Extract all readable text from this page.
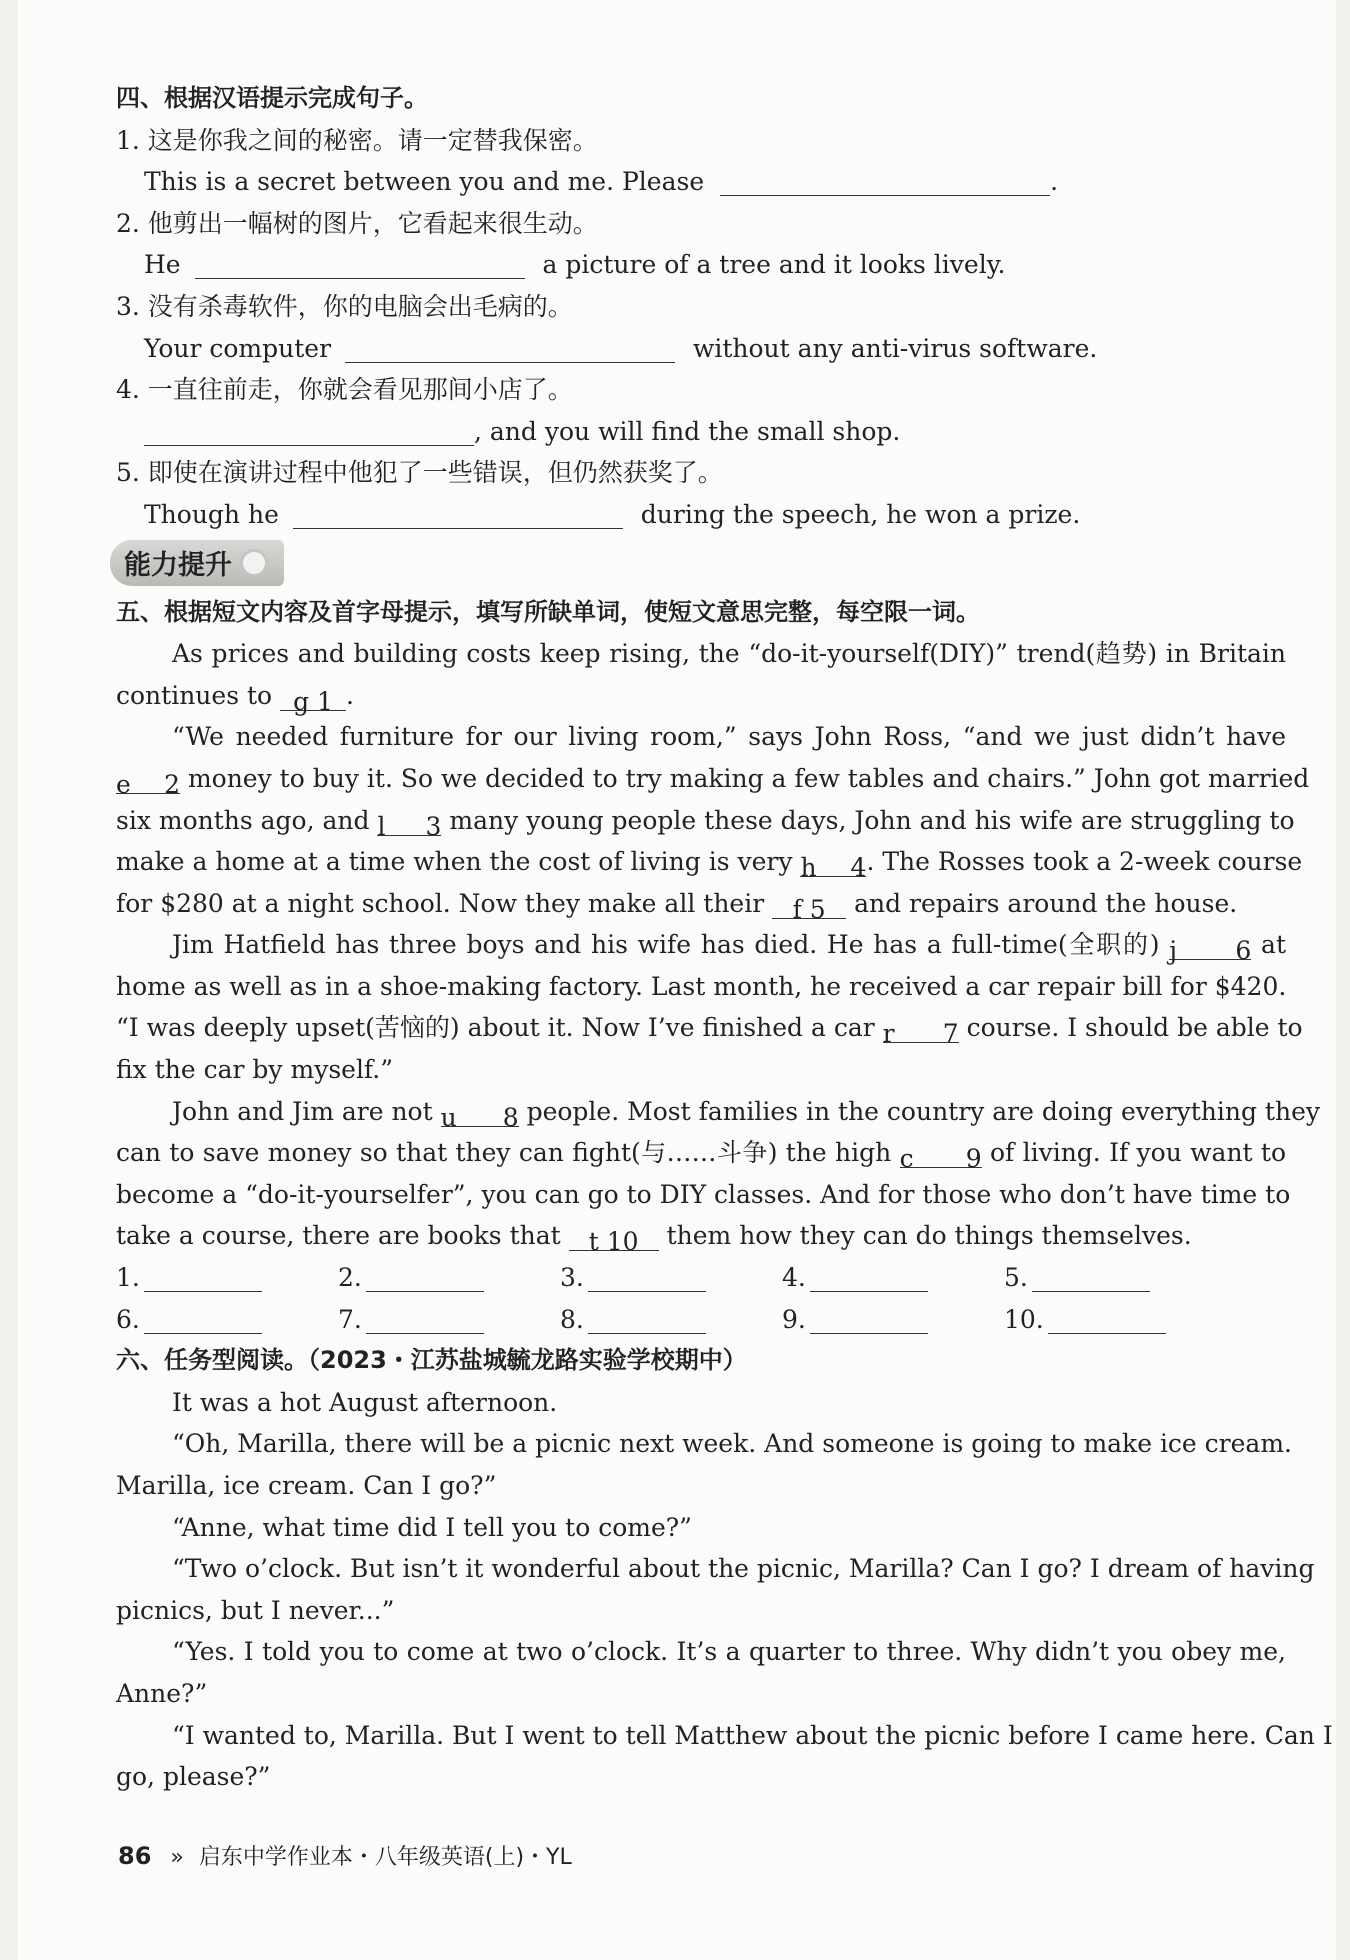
四、根据汉语提示完成句子。
1. 这是你我之间的秘密。请一定替我保密。
This is a secret between you and me. Please	.
2. 他剪出一幅树的图片，它看起来很生动。
He	a picture of a tree and it looks lively.
3. 没有杀毒软件，你的电脑会出毛病的。
Your computer	without any anti-virus software.
4. 一直往前走，你就会看见那间小店了。
, and you will find the small shop.
5. 即使在演讲过程中他犯了一些错误，但仍然获奖了。
Though he	during the speech, he won a prize.
能力提升
五、根据短文内容及首字母提示，填写所缺单词，使短文意思完整，每空限一词。
As prices and building costs keep rising, the “do-it-yourself(DIY)” trend(趋势) in Britain
continues to g 1 .
“We needed furniture for our living room,” says John Ross, “and we just didn’t have
e 2 money to buy it. So we decided to try making a few tables and chairs.” John got married
six months ago, and l 3 many young people these days, John and his wife are struggling to
make a home at a time when the cost of living is very h 4. The Rosses took a 2-week course
for $280 at a night school. Now they make all their f 5 and repairs around the house.
Jim Hatfield has three boys and his wife has died. He has a full-time(全职的) j 6 at
home as well as in a shoe-making factory. Last month, he received a car repair bill for $420.
“I was deeply upset(苦恼的) about it. Now I’ve finished a car r 7 course. I should be able to
fix the car by myself.”
John and Jim are not u 8 people. Most families in the country are doing everything they
can to save money so that they can fight(与……斗争) the high c 9 of living. If you want to
become a “do-it-yourselfer”, you can go to DIY classes. And for those who don’t have time to
take a course, there are books that t 10 them how they can do things themselves.
1.	2.	3.	4.	5.
6.	7.	8.	9.	10.
六、任务型阅读。（2023・江苏盐城毓龙路实验学校期中）
It was a hot August afternoon.
“Oh, Marilla, there will be a picnic next week. And someone is going to make ice cream.
Marilla, ice cream. Can I go?”
“Anne, what time did I tell you to come?”
“Two o’clock. But isn’t it wonderful about the picnic, Marilla? Can I go? I dream of having
picnics, but I never...”
“Yes. I told you to come at two o’clock. It’s a quarter to three. Why didn’t you obey me,
Anne?”
“I wanted to, Marilla. But I went to tell Matthew about the picnic before I came here. Can I
go, please?”
86 » 启东中学作业本・八年级英语(上)・YL
